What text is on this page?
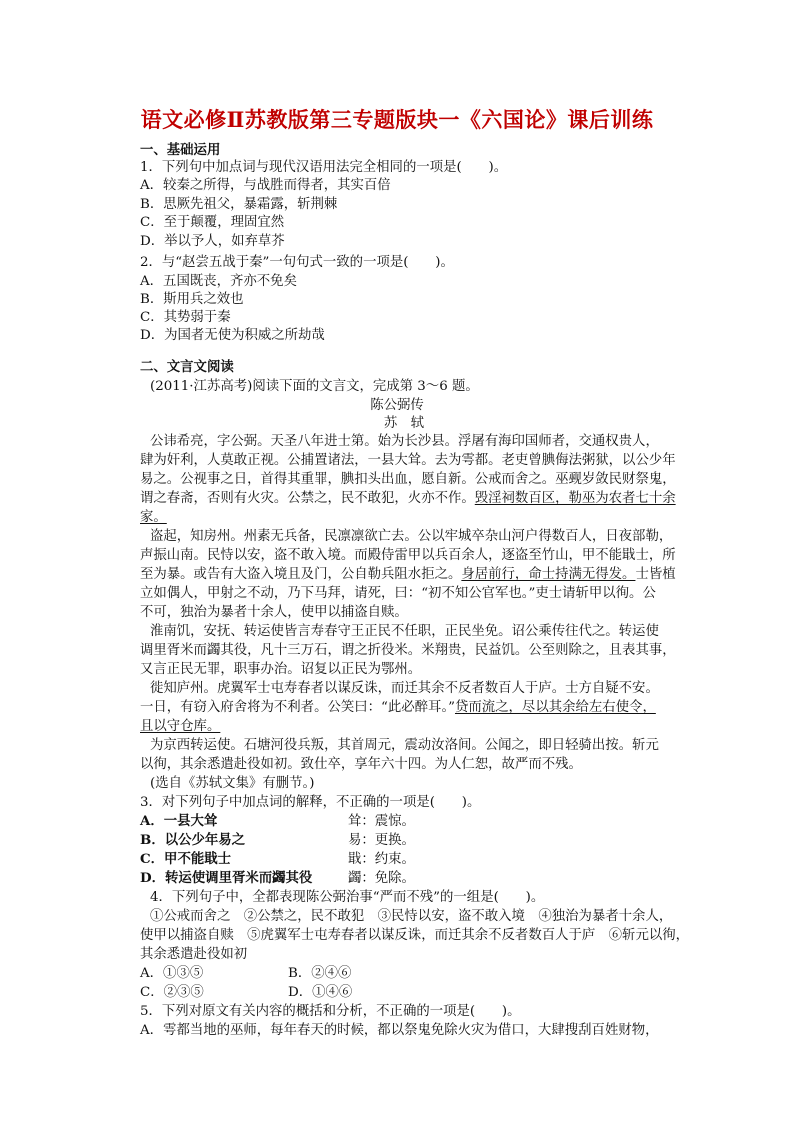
语文必修Ⅱ苏教版第三专题版块一《六国论》课后训练
一、基础运用
1．下列句中加点词与现代汉语用法完全相同的一项是(　　)。
A．较秦之所得，与战胜而得者，其实百倍
B．思厥先祖父，暴霜露，斩荆棘
C．至于颠覆，理固宜然
D．举以予人，如弃草芥
2．与“赵尝五战于秦”一句句式一致的一项是(　　)。
A．五国既丧，齐亦不免矣
B．斯用兵之效也
C．其势弱于秦
D．为国者无使为积威之所劫哉
二、文言文阅读
(2011·江苏高考)阅读下面的文言文，完成第 3～6 题。
陈公弼传
苏　轼
公讳希亮，字公弼。天圣八年进士第。始为长沙县。浮屠有海印国师者，交通权贵人，
肆为奸利，人莫敢正视。公捕置诸法，一县大耸。去为雩都。老吏曾腆侮法粥狱，以公少年
易之。公视事之日，首得其重罪，腆扣头出血，愿自新。公戒而舍之。巫觋岁敛民财祭鬼，
谓之春斋，否则有火灾。公禁之，民不敢犯，火亦不作。毁淫祠数百区，勒巫为农者七十余
家。
盗起，知房州。州素无兵备，民凛凛欲亡去。公以牢城卒杂山河户得数百人，日夜部勒，
声振山南。民恃以安，盗不敢入境。而殿侍雷甲以兵百余人，逐盗至竹山，甲不能戢士，所
至为暴。或告有大盗入境且及门，公自勒兵阻水拒之。身居前行，命士持满无得发。士皆植
立如偶人，甲射之不动，乃下马拜，请死，曰：“初不知公官军也。”吏士请斩甲以徇。公
不可，独治为暴者十余人，使甲以捕盗自赎。
淮南饥，安抚、转运使皆言寿春守王正民不任职，正民坐免。诏公乘传往代之。转运使
调里胥米而蠲其役，凡十三万石，谓之折役米。米翔贵，民益饥。公至则除之，且表其事，
又言正民无罪，职事办治。诏复以正民为鄂州。
徙知庐州。虎翼军士屯寿春者以谋反诛，而迁其余不反者数百人于庐。士方自疑不安。
一日，有窃入府舍将为不利者。公笑曰：“此必醉耳。”贷而流之，尽以其余给左右使令，
且以守仓库。
为京西转运使。石塘河役兵叛，其首周元，震动汝洛间。公闻之，即日轻骑出按。斩元
以徇，其余悉遣赴役如初。致仕卒，享年六十四。为人仁恕，故严而不残。
(选自《苏轼文集》有删节。)
3．对下列句子中加点词的解释，不正确的一项是(　　)。
A．一县大耸	耸：震惊。
B．以公少年易之	易：更换。
C．甲不能戢士	戢：约束。
D．转运使调里胥米而蠲其役	蠲：免除。
4．下列句子中，全都表现陈公弼治事“严而不残”的一组是(　　)。
①公戒而舍之　②公禁之，民不敢犯　③民恃以安，盗不敢入境　④独治为暴者十余人，
使甲以捕盗自赎　⑤虎翼军士屯寿春者以谋反诛，而迁其余不反者数百人于庐　⑥斩元以徇，
其余悉遣赴役如初
A．①③⑤	B．②④⑥
C．②③⑤	D．①④⑥
5．下列对原文有关内容的概括和分析，不正确的一项是(　　)。
A．雩都当地的巫师，每年春天的时候，都以祭鬼免除火灾为借口，大肆搜刮百姓财物，
